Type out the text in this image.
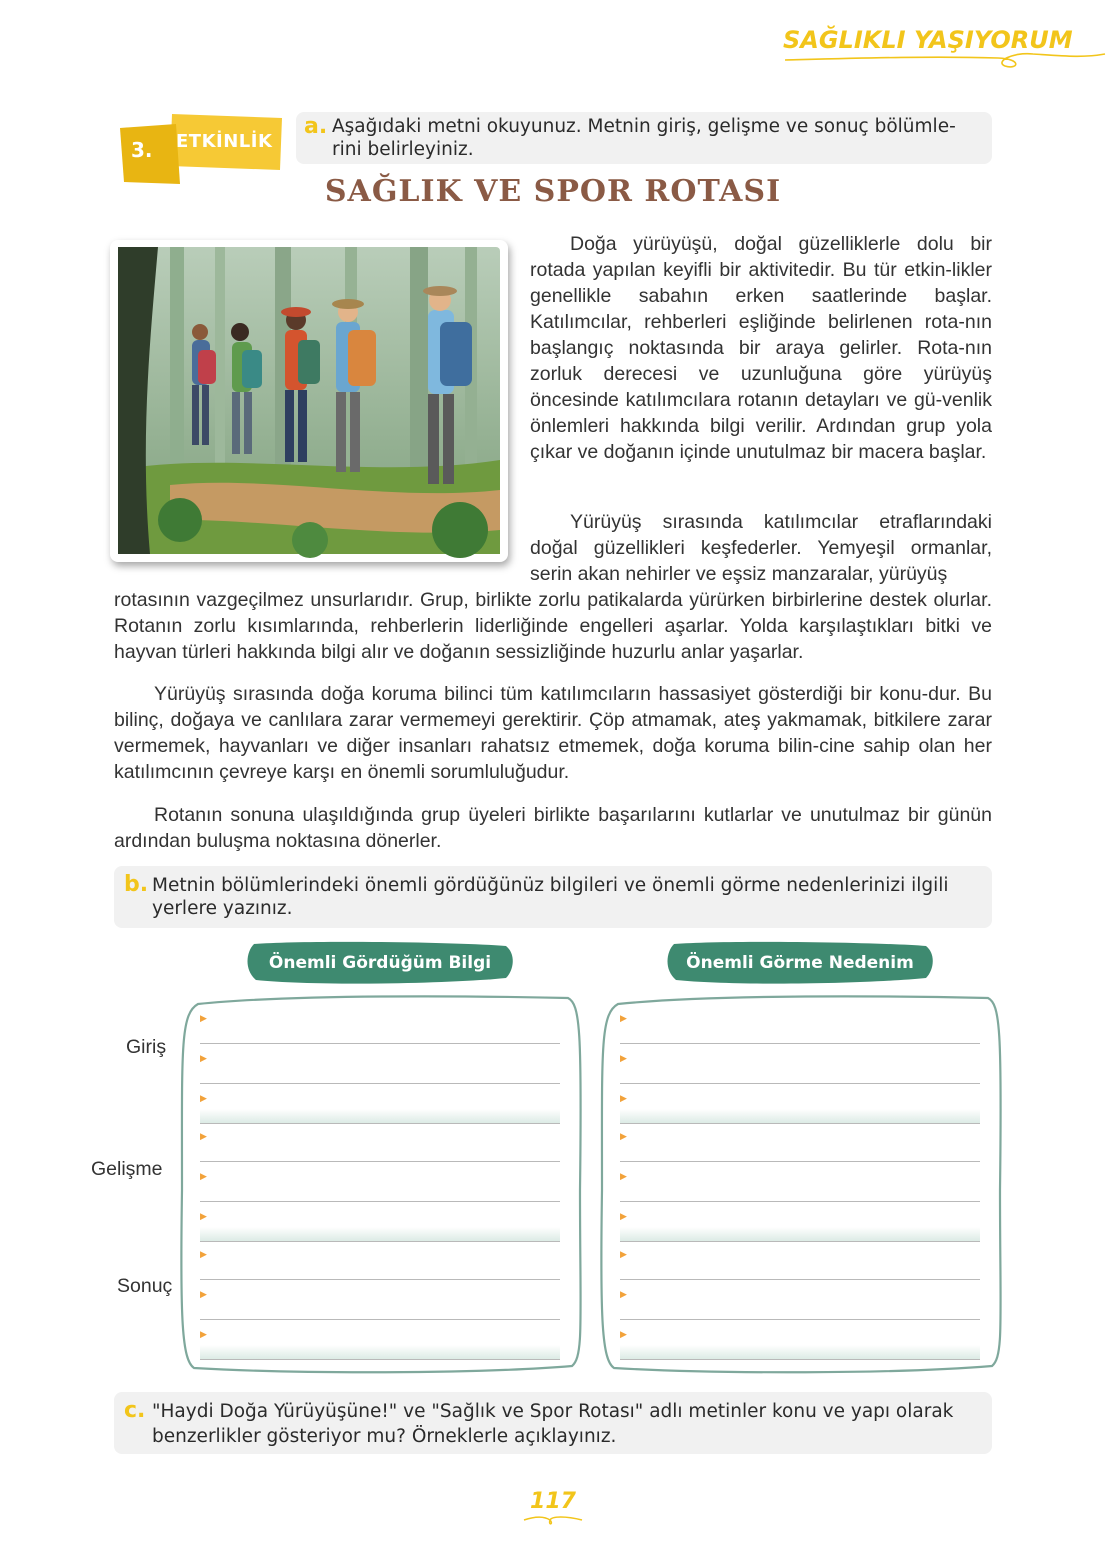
SAĞLIKLI YAŞIYORUM
3. ETKİNLİK
a. Aşağıdaki metni okuyunuz. Metnin giriş, gelişme ve sonuç bölümle-
rini belirleyiniz.
SAĞLIK VE SPOR ROTASI
Doğa yürüyüşü, doğal güzelliklerle dolu bir rotada yapılan keyifli bir aktivitedir. Bu tür etkin-likler genellikle sabahın erken saatlerinde başlar. Katılımcılar, rehberleri eşliğinde belirlenen rota-nın başlangıç noktasında bir araya gelirler. Rota-nın zorluk derecesi ve uzunluğuna göre yürüyüş öncesinde katılımcılara rotanın detayları ve gü-venlik önlemleri hakkında bilgi verilir. Ardından grup yola çıkar ve doğanın içinde unutulmaz bir macera başlar.
Yürüyüş sırasında katılımcılar etraflarındaki doğal güzellikleri keşfederler. Yemyeşil ormanlar, serin akan nehirler ve eşsiz manzaralar, yürüyüş
rotasının vazgeçilmez unsurlarıdır. Grup, birlikte zorlu patikalarda yürürken birbirlerine destek olurlar. Rotanın zorlu kısımlarında, rehberlerin liderliğinde engelleri aşarlar. Yolda karşılaştıkları bitki ve hayvan türleri hakkında bilgi alır ve doğanın sessizliğinde huzurlu anlar yaşarlar.
Yürüyüş sırasında doğa koruma bilinci tüm katılımcıların hassasiyet gösterdiği bir konu-dur. Bu bilinç, doğaya ve canlılara zarar vermemeyi gerektirir. Çöp atmamak, ateş yakmamak, bitkilere zarar vermemek, hayvanları ve diğer insanları rahatsız etmemek, doğa koruma bilin-cine sahip olan her katılımcının çevreye karşı en önemli sorumluluğudur.
Rotanın sonuna ulaşıldığında grup üyeleri birlikte başarılarını kutlarlar ve unutulmaz bir günün ardından buluşma noktasına dönerler.
b. Metnin bölümlerindeki önemli gördüğünüz bilgileri ve önemli görme nedenlerinizi ilgili
yerlere yazınız.
Önemli Gördüğüm Bilgi	Önemli Görme Nedenim
Giriş
Gelişme
Sonuç
▶
▶
▶
▶
▶
▶
▶
▶
▶
▶
▶
▶
▶
▶
▶
▶
▶
▶
c. "Haydi Doğa Yürüyüşüne!" ve "Sağlık ve Spor Rotası" adlı metinler konu ve yapı olarak
benzerlikler gösteriyor mu? Örneklerle açıklayınız.
117
